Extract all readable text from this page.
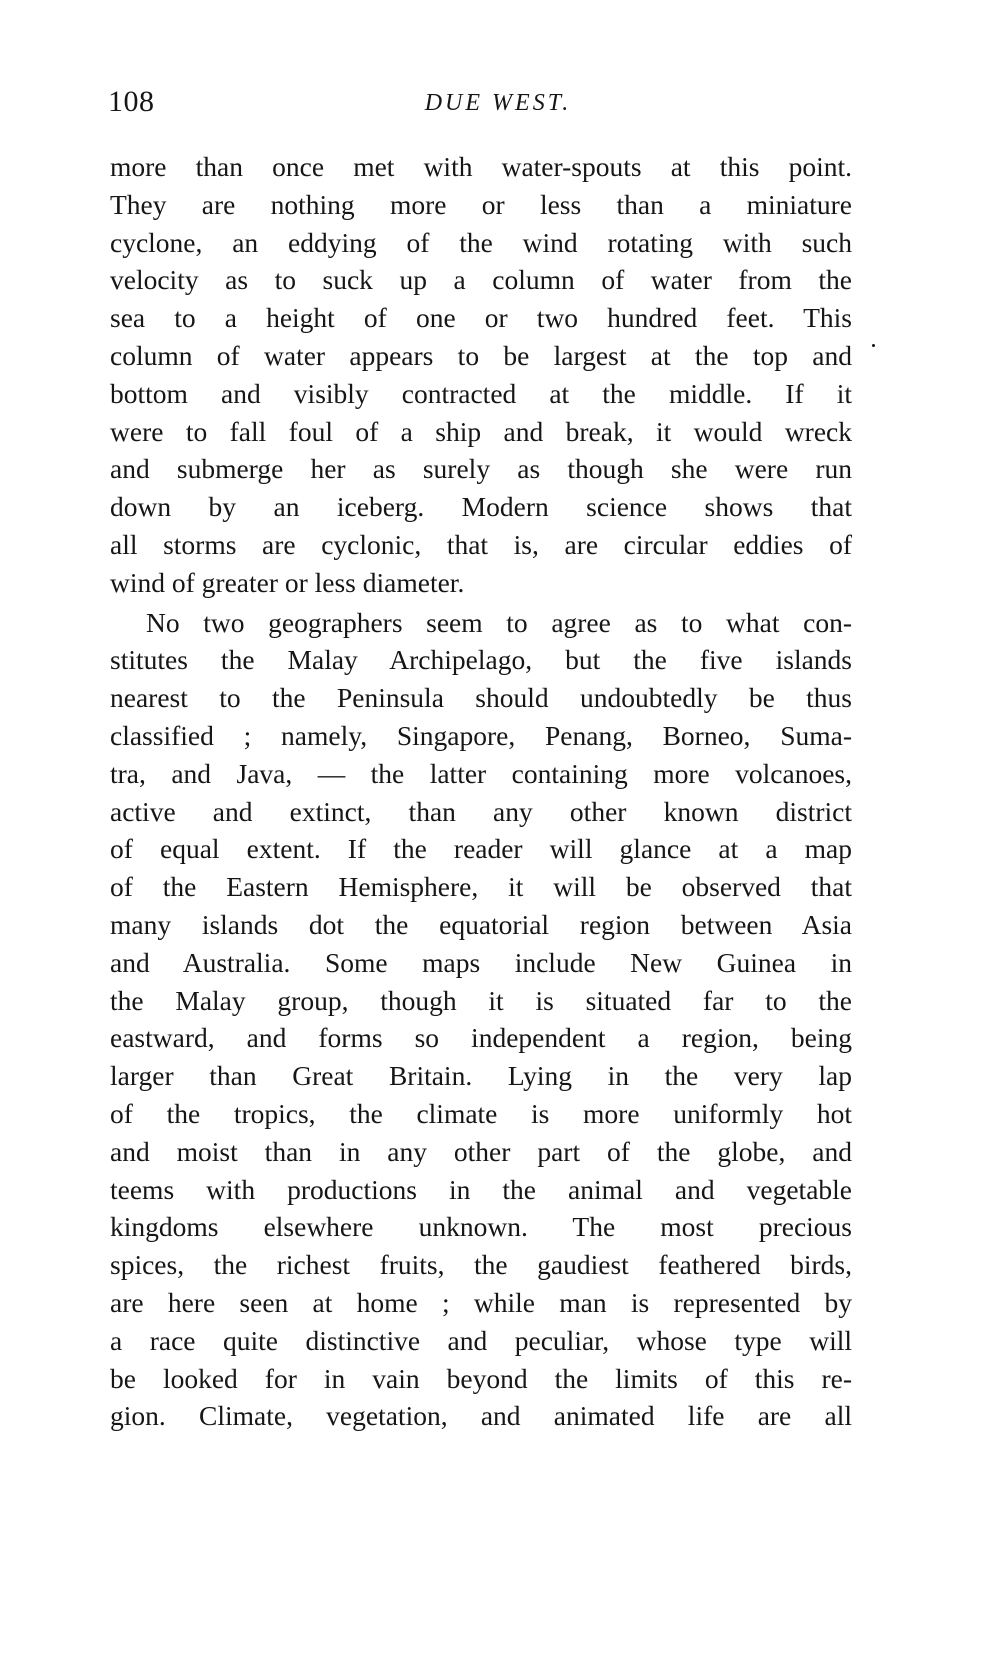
108	DUE WEST.
more than once met with water-spouts at this point.
They are nothing more or less than a miniature
cyclone, an eddying of the wind rotating with such
velocity as to suck up a column of water from the
sea to a height of one or two hundred feet. This
column of water appears to be largest at the top and
bottom and visibly contracted at the middle. If it
were to fall foul of a ship and break, it would wreck
and submerge her as surely as though she were run
down by an iceberg. Modern science shows that
all storms are cyclonic, that is, are circular eddies of
wind of greater or less diameter.
No two geographers seem to agree as to what con-
stitutes the Malay Archipelago, but the five islands
nearest to the Peninsula should undoubtedly be thus
classified ; namely, Singapore, Penang, Borneo, Suma-
tra, and Java, — the latter containing more volcanoes,
active and extinct, than any other known district
of equal extent. If the reader will glance at a map
of the Eastern Hemisphere, it will be observed that
many islands dot the equatorial region between Asia
and Australia. Some maps include New Guinea in
the Malay group, though it is situated far to the
eastward, and forms so independent a region, being
larger than Great Britain. Lying in the very lap
of the tropics, the climate is more uniformly hot
and moist than in any other part of the globe, and
teems with productions in the animal and vegetable
kingdoms elsewhere unknown. The most precious
spices, the richest fruits, the gaudiest feathered birds,
are here seen at home ; while man is represented by
a race quite distinctive and peculiar, whose type will
be looked for in vain beyond the limits of this re-
gion. Climate, vegetation, and animated life are all
